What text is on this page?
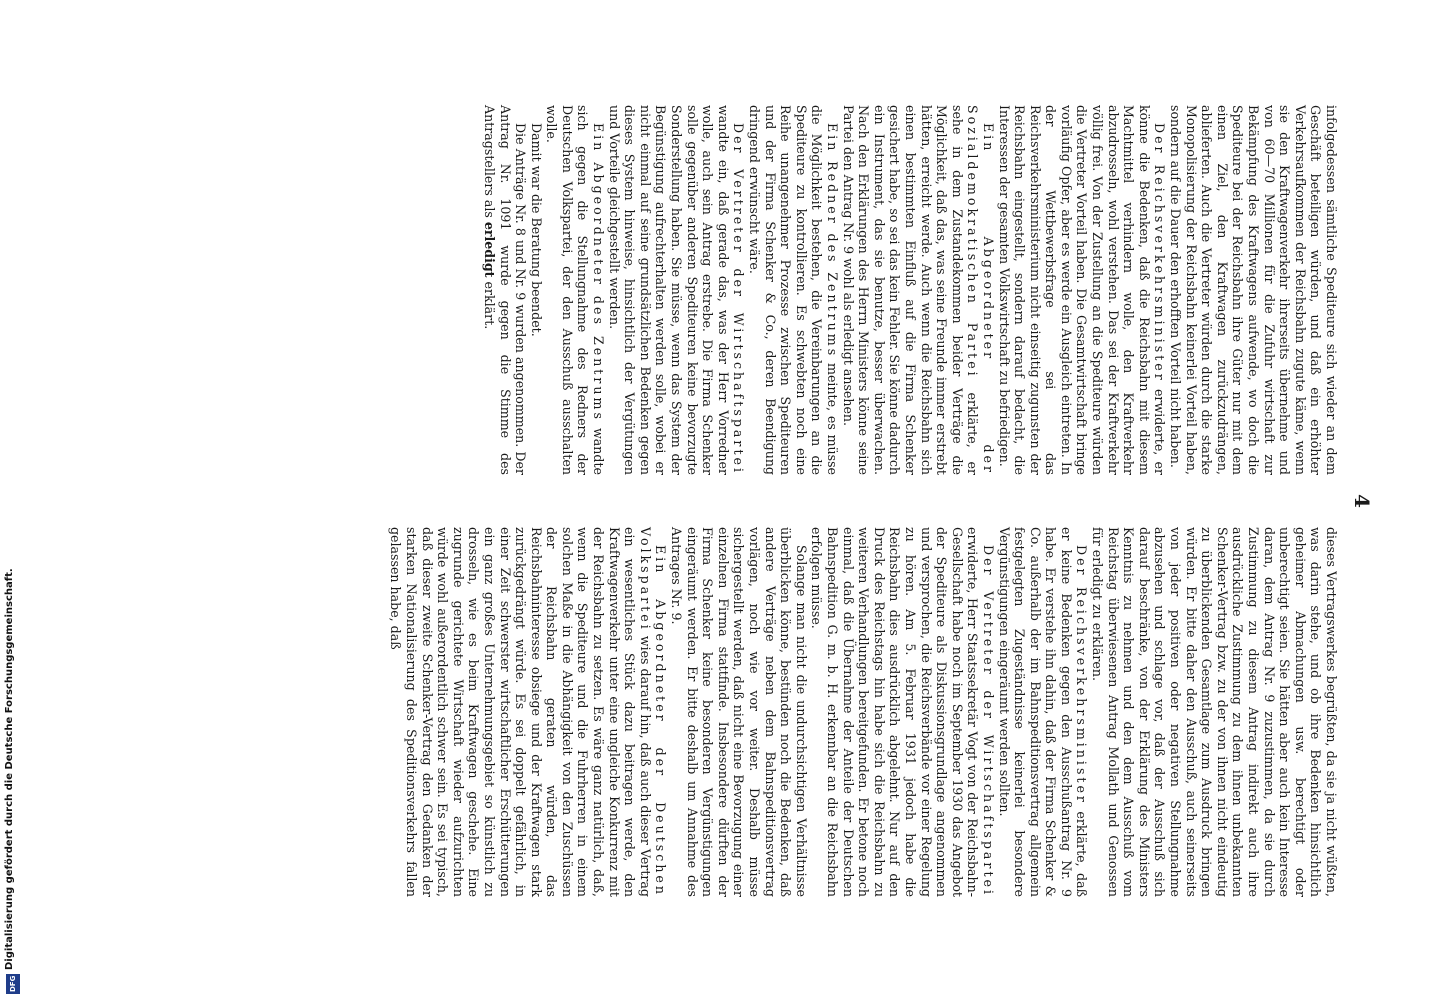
4

infolgedessen sämtliche Spediteure sich wieder an dem Geschäft beteiligen würden, und daß ein erhöhter Verkehrsaufkommen der Reichsbahn zugute käme, wenn sie den Kraftwagenverkehr ihrerseits übernehme und von 60—70 Millionen für die Zufuhr wirtschaft zur Bekämpfung des Kraftwagens aufwende, wo doch die Spediteure bei der Reichsbahn ihre Güter nur mit dem einen Ziel, den Kraftwagen zurückzudrängen, ablieferten. Auch die Vertreter würden durch die starke Monopolisierung der Reichsbahn keinerlei Vorteil haben, sondern auf die Dauer den erhofften Vorteil nicht haben.

Der Reichsverkehrsminister erwiderte, er könne die Bedenken, daß die Reichsbahn mit diesem Machtmittel verhindern wolle, den Kraftverkehr abzudrosseln, wohl verstehen. Das sei der Kraftverkehr völlig frei. Von der Zustellung an die Spediteure würden die Vertreter Vorteil haben. Die Gesamtwirtschaft bringe vorläufig Opfer, aber es werde ein Ausgleich eintreten. In der Wettbewerbsfrage sei das Reichsverkehrsministerium nicht einseitig zugunsten der Reichsbahn eingestellt, sondern darauf bedacht, die Interessen der gesamten Volkswirtschaft zu befriedigen.

Ein Abgeordneter der Sozialdemokratischen Partei erklärte, er sehe in dem Zustandekommen beider Verträge die Möglichkeit, daß das, was seine Freunde immer erstrebt hätten, erreicht werde. Auch wenn die Reichsbahn sich einen bestimmten Einfluß auf die Firma Schenker gesichert habe, so sei das kein Fehler. Sie könne dadurch ein Instrument, das sie benutze, besser überwachen. Nach den Erklärungen des Herrn Ministers könne seine Partei den Antrag Nr. 9 wohl als erledigt ansehen.

Ein Redner des Zentrums meinte, es müsse die Möglichkeit bestehen, die Vereinbarungen an die Spediteure zu kontrollieren. Es schwebten noch eine Reihe unangenehmer Prozesse zwischen Spediteuren und der Firma Schenker & Co., deren Beendigung dringend erwünscht wäre.

Der Vertreter der Wirtschaftspartei wandte ein, daß gerade das, was der Herr Vorredner wolle, auch sein Antrag erstrebe. Die Firma Schenker solle gegenüber anderen Spediteuren keine bevorzugte Sonderstellung haben. Sie müsse, wenn das System der Begünstigung aufrechterhalten werden solle, wobei er nicht einmal auf seine grundsätzlichen Bedenken gegen dieses System hinweise, hinsichtlich der Vergütungen und Vorteile gleichgestellt werden.

Ein Abgeordneter des Zentrums wandte sich gegen die Stellungnahme des Redners der Deutschen Volkspartei, der den Ausschuß ausschalten wolle.

Damit war die Beratung beendet.

Die Anträge Nr. 8 und Nr. 9 wurden angenommen. Der Antrag Nr. 1091 wurde gegen die Stimme des Antragstellers als erledigt erklärt.

dieses Vertragswerkes begrüßten, da sie ja nicht wüßten, was darin stehe, und ob ihre Bedenken hinsichtlich geheimer Abmachungen usw. berechtigt oder unberechtigt seien. Sie hätten aber auch kein Interesse daran, dem Antrag Nr. 9 zuzustimmen, da sie durch Zustimmung zu diesem Antrag indirekt auch ihre ausdrückliche Zustimmung zu dem ihnen unbekannten Schenker-Vertrag bzw. zu der von ihnen nicht eindeutig zu überblickenden Gesamtlage zum Ausdruck bringen würden. Er bitte daher den Ausschuß, auch seinerseits von jeder positiven oder negativen Stellungnahme abzusehen und schlage vor, daß der Ausschuß sich darauf beschränke, von der Erklärung des Ministers Kenntnis zu nehmen und den dem Ausschuß vom Reichstag überwiesenen Antrag Mollath und Genossen für erledigt zu erklären.

Der Reichsverkehrsminister erklärte, daß er keine Bedenken gegen den Ausschußantrag Nr. 9 habe. Er verstehe ihn dahin, daß der Firma Schenker & Co. außerhalb der im Bahnspeditionsvertrag allgemein festgelegten Zugeständnisse keinerlei besondere Vergünstigungen eingeräumt werden sollten.

Der Vertreter der Wirtschaftspartei erwiderte, Herr Staatssekretär Vogt von der Reichsbahn-Gesellschaft habe noch im September 1930 das Angebot der Spediteure als Diskussionsgrundlage angenommen und versprochen, die Reichsverbände vor einer Regelung zu hören. Am 5. Februar 1931 jedoch habe die Reichsbahn dies ausdrücklich abgelehnt. Nur auf den Druck des Reichstags hin habe sich die Reichsbahn zu weiteren Verhandlungen bereitgefunden. Er betone noch einmal, daß die Übernahme der Anteile der Deutschen Bahnspedition G. m. b. H. erkennbar an die Reichsbahn erfolgen müsse.

Solange man nicht die undurchsichtigen Verhältnisse überblicken könne, bestünden noch die Bedenken, daß andere Verträge neben dem Bahnspeditionsvertrag vorlägen, noch wie vor weiter. Deshalb müsse sichergestellt werden, daß nicht eine Bevorzugung einer einzelnen Firma stattfinde. Insbesondere dürften der Firma Schenker keine besonderen Vergünstigungen eingeräumt werden. Er bitte deshalb um Annahme des Antrages Nr. 9.

Ein Abgeordneter der Deutschen Volkspartei wies darauf hin, daß auch dieser Vertrag ein wesentliches Stück dazu beitragen werde, den Kraftwagenverkehr unter eine ungleiche Konkurrenz mit der Reichsbahn zu setzen. Es wäre ganz natürlich, daß, wenn die Spediteure und die Fuhrherren in einem solchen Maße in die Abhängigkeit von den Zuschüssen der Reichsbahn geraten würden, das Reichsbahninteresse obsiege und der Kraftwagen stark zurückgedrängt würde. Es sei doppelt gefährlich, in einer Zeit schwerster wirtschaftlicher Erschütterungen ein ganz großes Unternehmungsgebiet so künstlich zu drosseln, wie es beim Kraftwagen geschehe. Eine zugrunde gerichtete Wirtschaft wieder aufzurichten würde wohl außerordentlich schwer sein. Es sei typisch, daß dieser zweite Schenker-Vertrag den Gedanken der starken Nationalisierung des Speditionsverkehrs fallen gelassen habe, daß

Digitalisierung gefördert durch die Deutsche Forschungsgemeinschaft.
DFG
